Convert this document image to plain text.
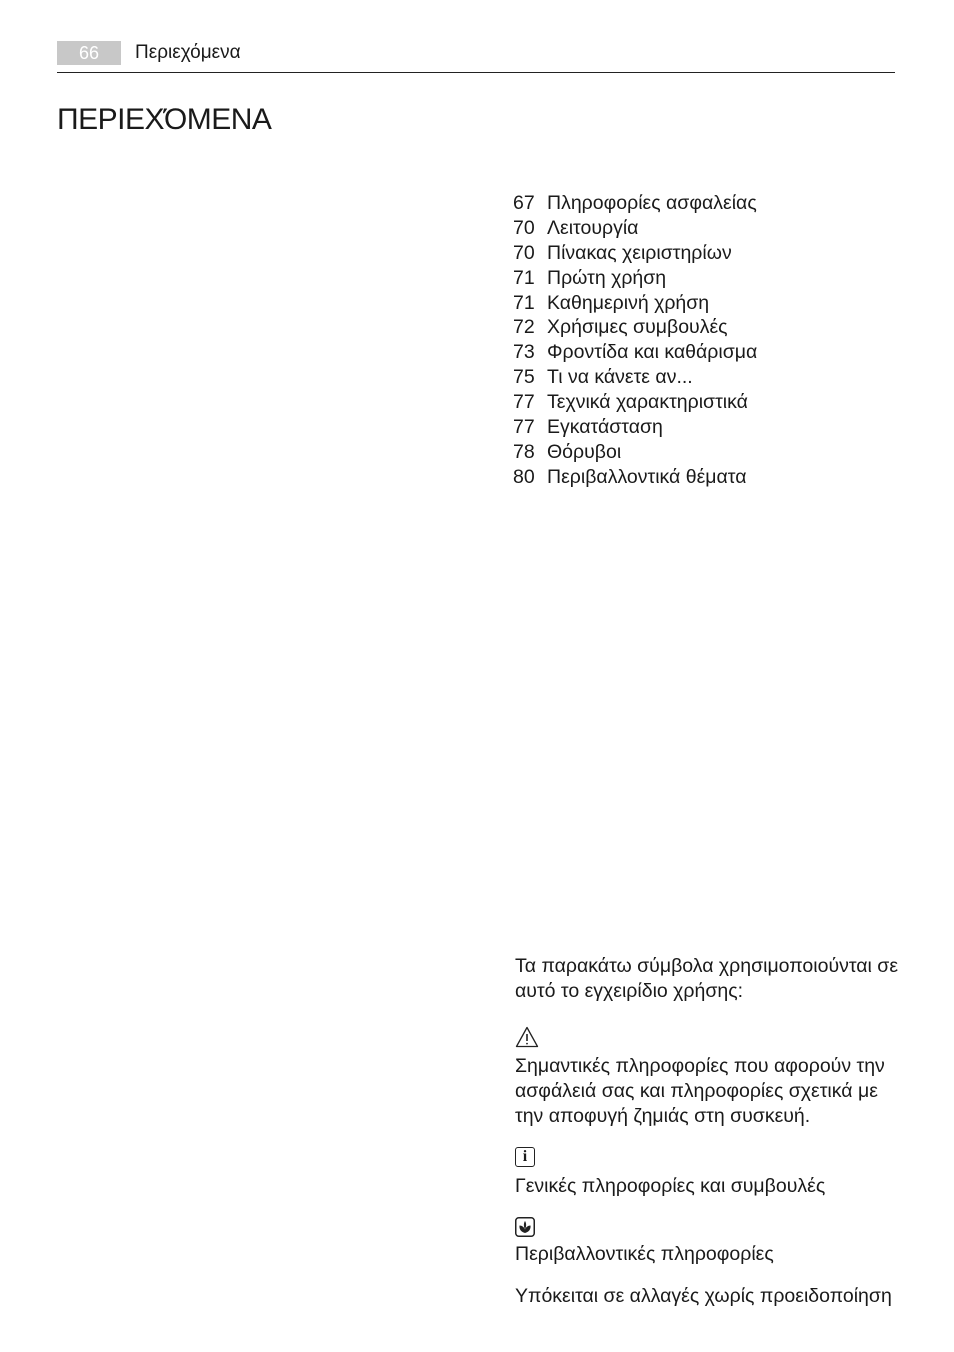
66	Περιεχόμενα
ΠΕΡΙΕΧΌΜΕΝΑ
67 Πληροφορίες ασφαλείας
70 Λειτουργία
70 Πίνακας χειριστηρίων
71 Πρώτη χρήση
71 Καθημερινή χρήση
72 Χρήσιμες συμβουλές
73 Φροντίδα και καθάρισμα
75 Τι να κάνετε αν...
77 Τεχνικά χαρακτηριστικά
77 Εγκατάσταση
78 Θόρυβοι
80 Περιβαλλοντικά θέματα

Τα παρακάτω σύμβολα χρησιμοποιούνται σε αυτό το εγχειρίδιο χρήσης:

Σημαντικές πληροφορίες που αφορούν την ασφάλειά σας και πληροφορίες σχετικά με την αποφυγή ζημιάς στη συσκευή.

i

Γενικές πληροφορίες και συμβουλές

Περιβαλλοντικές πληροφορίες

Υπόκειται σε αλλαγές χωρίς προειδοποίηση
